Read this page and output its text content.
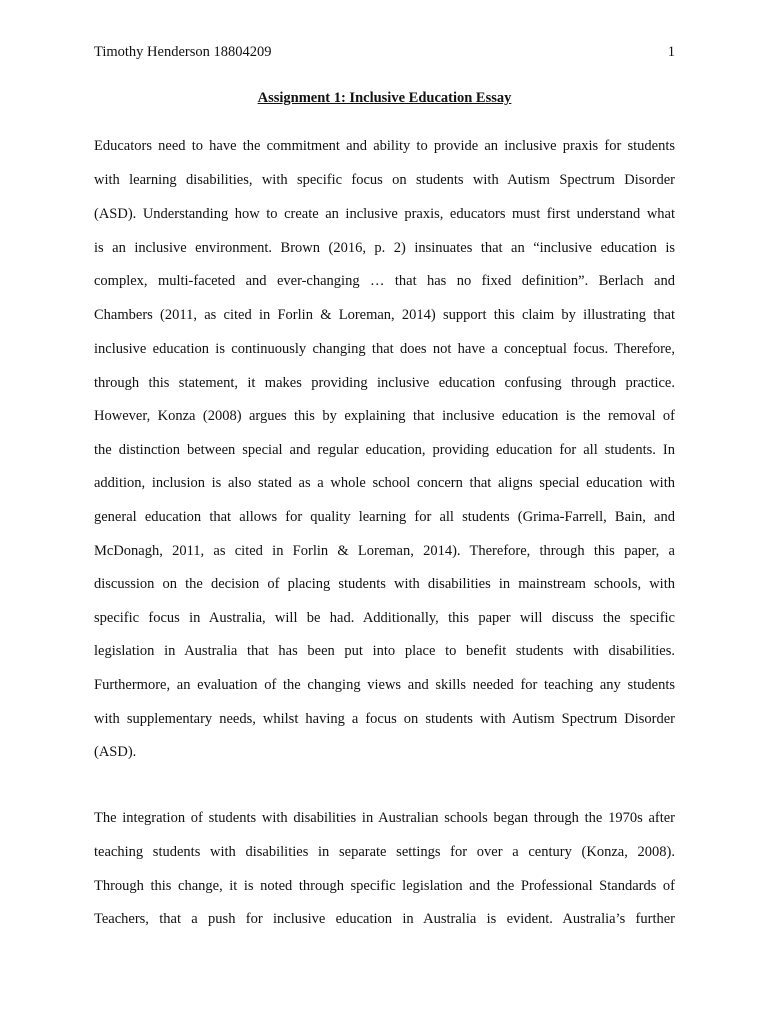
Timothy Henderson 18804209	1
Assignment 1: Inclusive Education Essay
Educators need to have the commitment and ability to provide an inclusive praxis for students
with learning disabilities, with specific focus on students with Autism Spectrum Disorder
(ASD). Understanding how to create an inclusive praxis, educators must first understand what
is an inclusive environment. Brown (2016, p. 2) insinuates that an “inclusive education is
complex, multi-faceted and ever-changing … that has no fixed definition”. Berlach and
Chambers (2011, as cited in Forlin & Loreman, 2014) support this claim by illustrating that
inclusive education is continuously changing that does not have a conceptual focus. Therefore,
through this statement, it makes providing inclusive education confusing through practice.
However, Konza (2008) argues this by explaining that inclusive education is the removal of
the distinction between special and regular education, providing education for all students. In
addition, inclusion is also stated as a whole school concern that aligns special education with
general education that allows for quality learning for all students (Grima-Farrell, Bain, and
McDonagh, 2011, as cited in Forlin & Loreman, 2014). Therefore, through this paper, a
discussion on the decision of placing students with disabilities in mainstream schools, with
specific focus in Australia, will be had. Additionally, this paper will discuss the specific
legislation in Australia that has been put into place to benefit students with disabilities.
Furthermore, an evaluation of the changing views and skills needed for teaching any students
with supplementary needs, whilst having a focus on students with Autism Spectrum Disorder
(ASD).
The integration of students with disabilities in Australian schools began through the 1970s after
teaching students with disabilities in separate settings for over a century (Konza, 2008).
Through this change, it is noted through specific legislation and the Professional Standards of
Teachers, that a push for inclusive education in Australia is evident. Australia’s further
